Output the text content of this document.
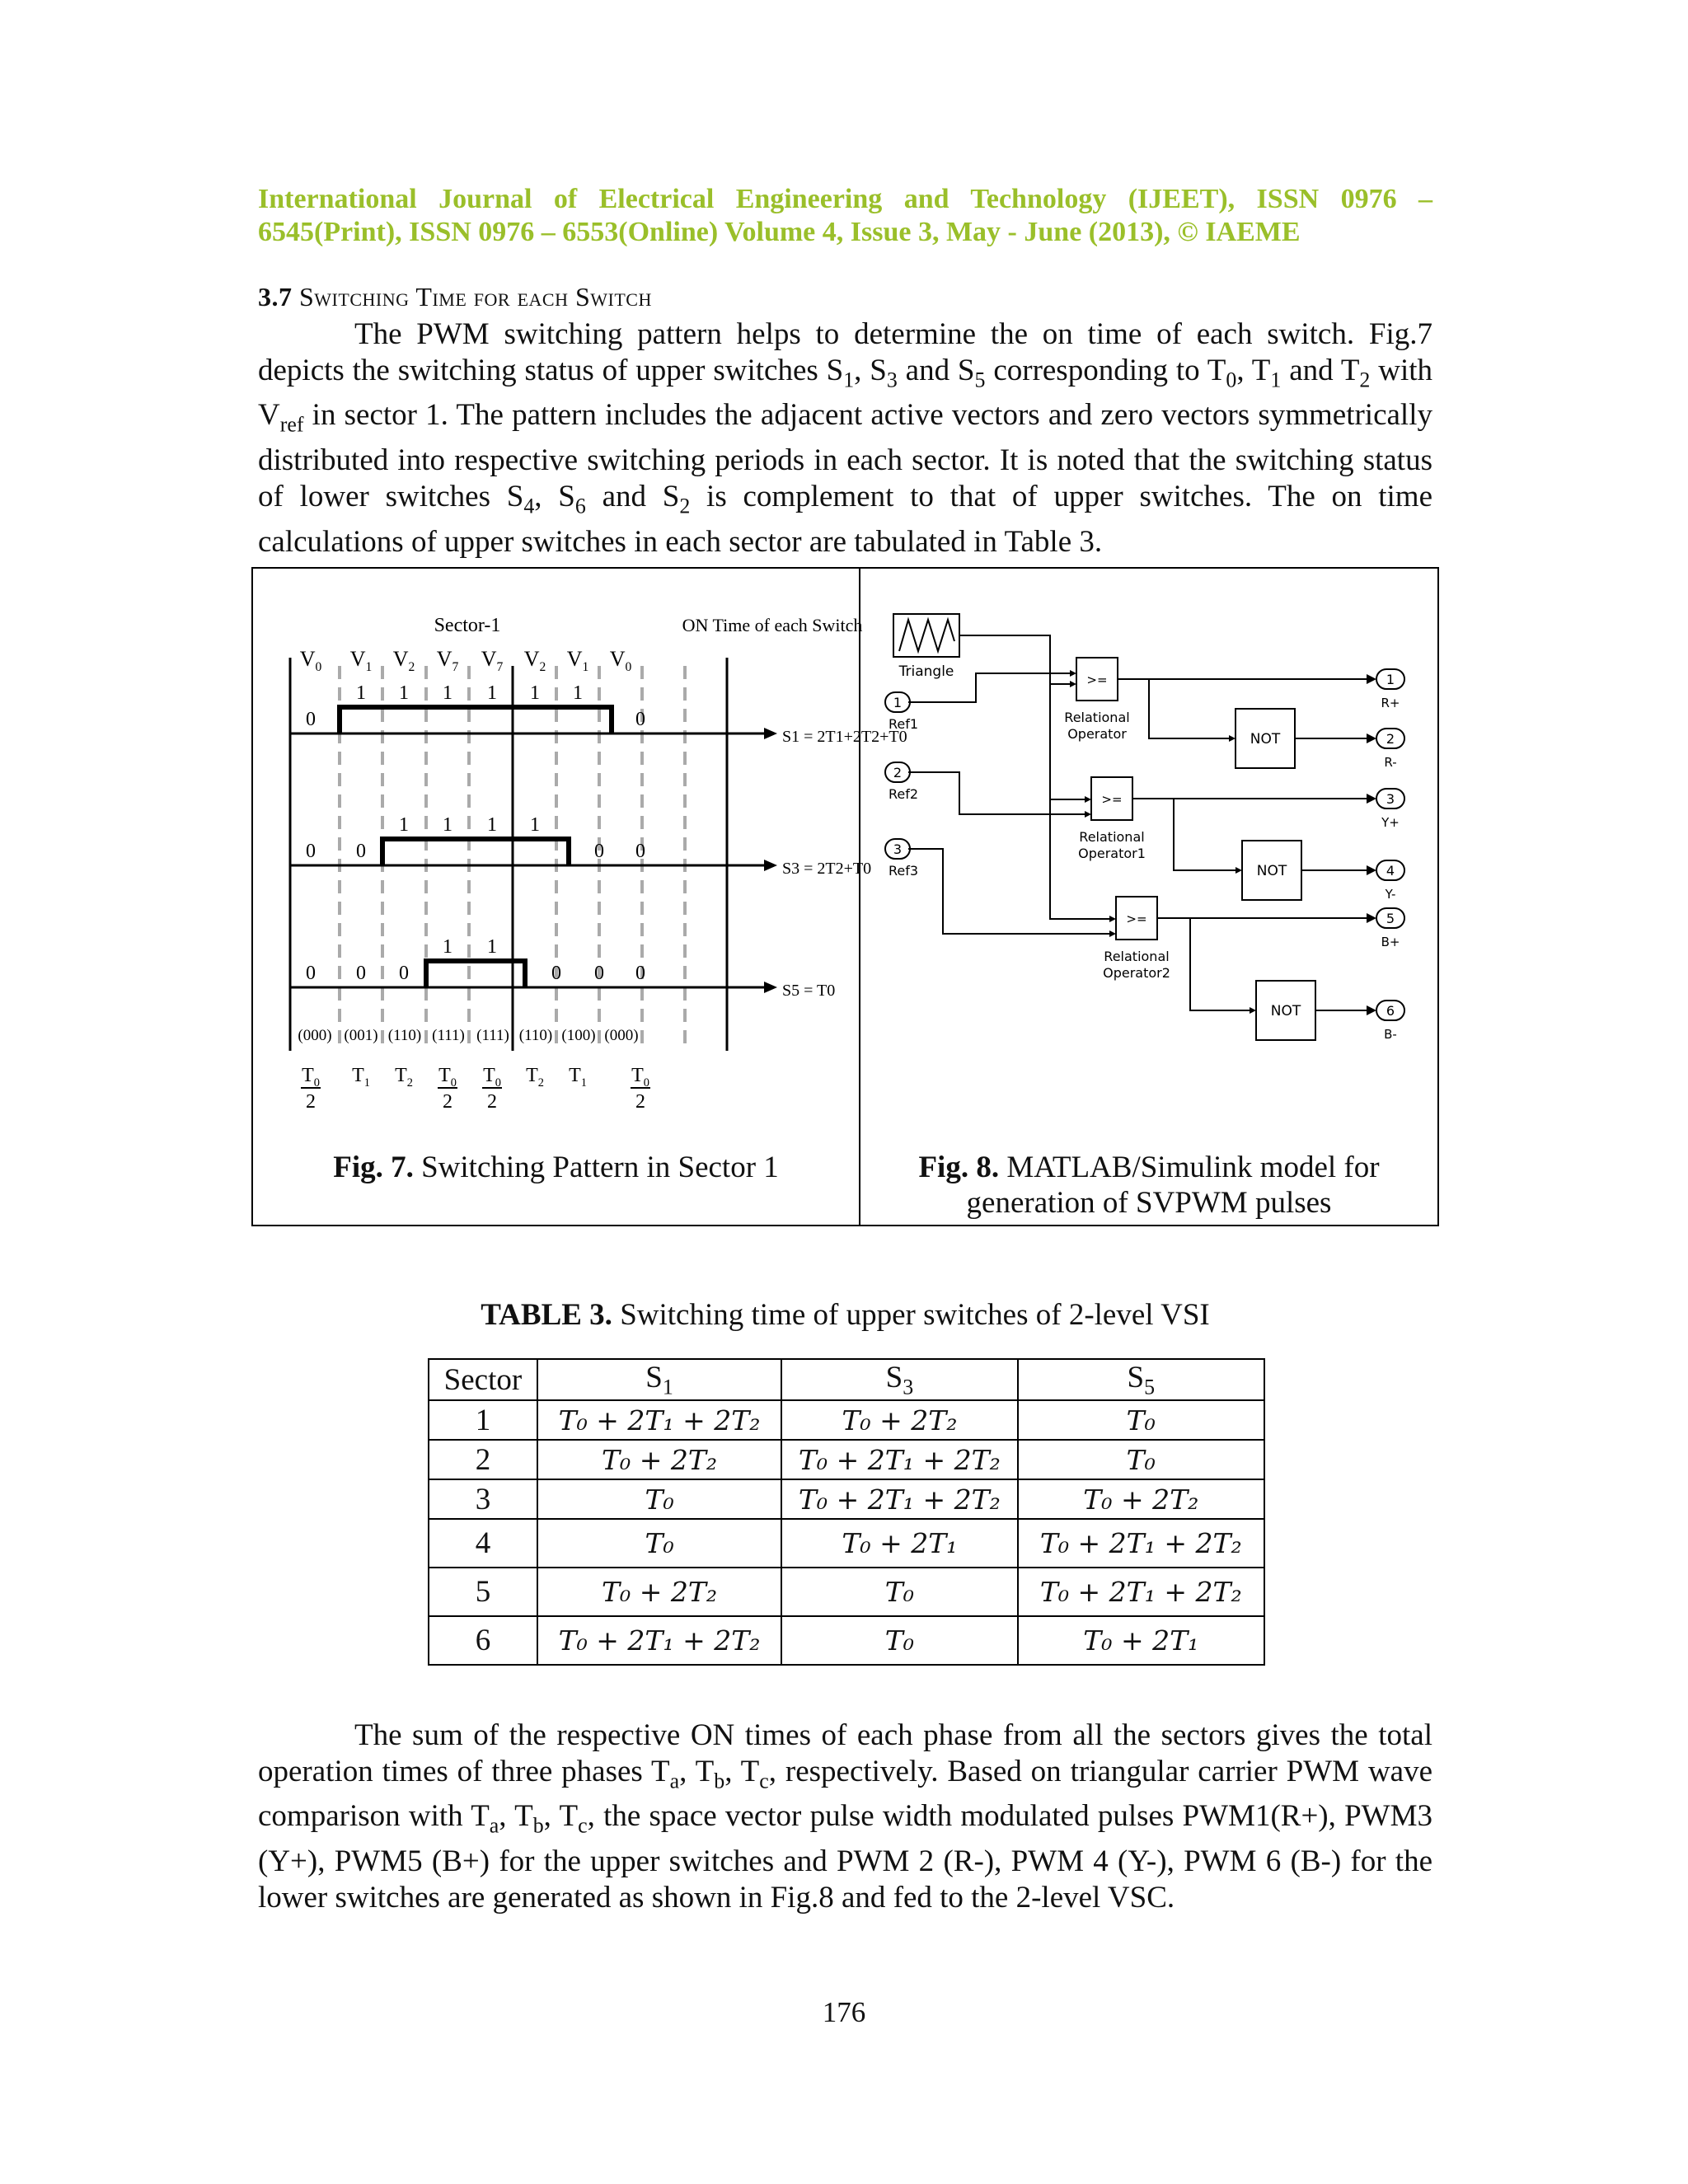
International Journal of Electrical Engineering and Technology (IJEET), ISSN 0976 –
6545(Print), ISSN 0976 – 6553(Online) Volume 4, Issue 3, May - June (2013), © IAEME
3.7 Switching Time for each Switch
The PWM switching pattern helps to determine the on time of each switch. Fig.7 depicts the switching status of upper switches $S_1$, $S_3$ and $S_5$ corresponding to $T_0$, $T_1$ and $T_2$ with $V_{ref}$ in sector 1. The pattern includes the adjacent active vectors and zero vectors symmetrically distributed into respective switching periods in each sector. It is noted that the switching status of lower switches $S_4$, $S_6$ and $S_2$ is complement to that of upper switches. The on time calculations of upper switches in each sector are tabulated in Table 3.
Sector-1	ON Time of each Switch
$V_0$ $V_1$ $V_2$ $V_7$ $V_7$ $V_2$ $V_1$ $V_0$
0	0
1 1 1 1 1 1
S1 = 2T1+2T2+T0
1 1 1 1
0 0	0 0
S3 = 2T2+T0
1 1
0 0 0	0 0 0
S5 = T0
(000) (001) (110) (111) (111) (110) (100) (000)
$T_0$
2
$T_1$ $T_2$ $T_0$
2
$T_0$
2
$T_2$ $T_1$ $T_0$
2
Fig. 7. Switching Pattern in Sector 1
Triangle
1
Ref1
2
Ref2
3
Ref3
>=
Relational
Operator
>=
Relational
Operator1
>=
Relational
Operator2
NOT
NOT
NOT
1
R+
2
R-
3
Y+
4
Y-
5
B+
6
B-
Fig. 8. MATLAB/Simulink model for
generation of SVPWM pulses
TABLE 3. Switching time of upper switches of 2-level VSI
Sector	$S_1$	$S_3$	$S_5$
1	T₀ + 2T₁ + 2T₂	T₀ + 2T₂	T₀
2	T₀ + 2T₂	T₀ + 2T₁ + 2T₂	T₀
3	T₀	T₀ + 2T₁ + 2T₂	T₀ + 2T₂
4	T₀	T₀ + 2T₁	T₀ + 2T₁ + 2T₂
5	T₀ + 2T₂	T₀	T₀ + 2T₁ + 2T₂
6	T₀ + 2T₁ + 2T₂	T₀	T₀ + 2T₁
The sum of the respective ON times of each phase from all the sectors gives the total operation times of three phases $T_a$, $T_b$, $T_c$, respectively. Based on triangular carrier PWM wave comparison with $T_a$, $T_b$, $T_c$, the space vector pulse width modulated pulses PWM1(R+), PWM3 (Y+), PWM5 (B+) for the upper switches and PWM 2 (R-), PWM 4 (Y-), PWM 6 (B-) for the lower switches are generated as shown in Fig.8 and fed to the 2-level VSC.
176
